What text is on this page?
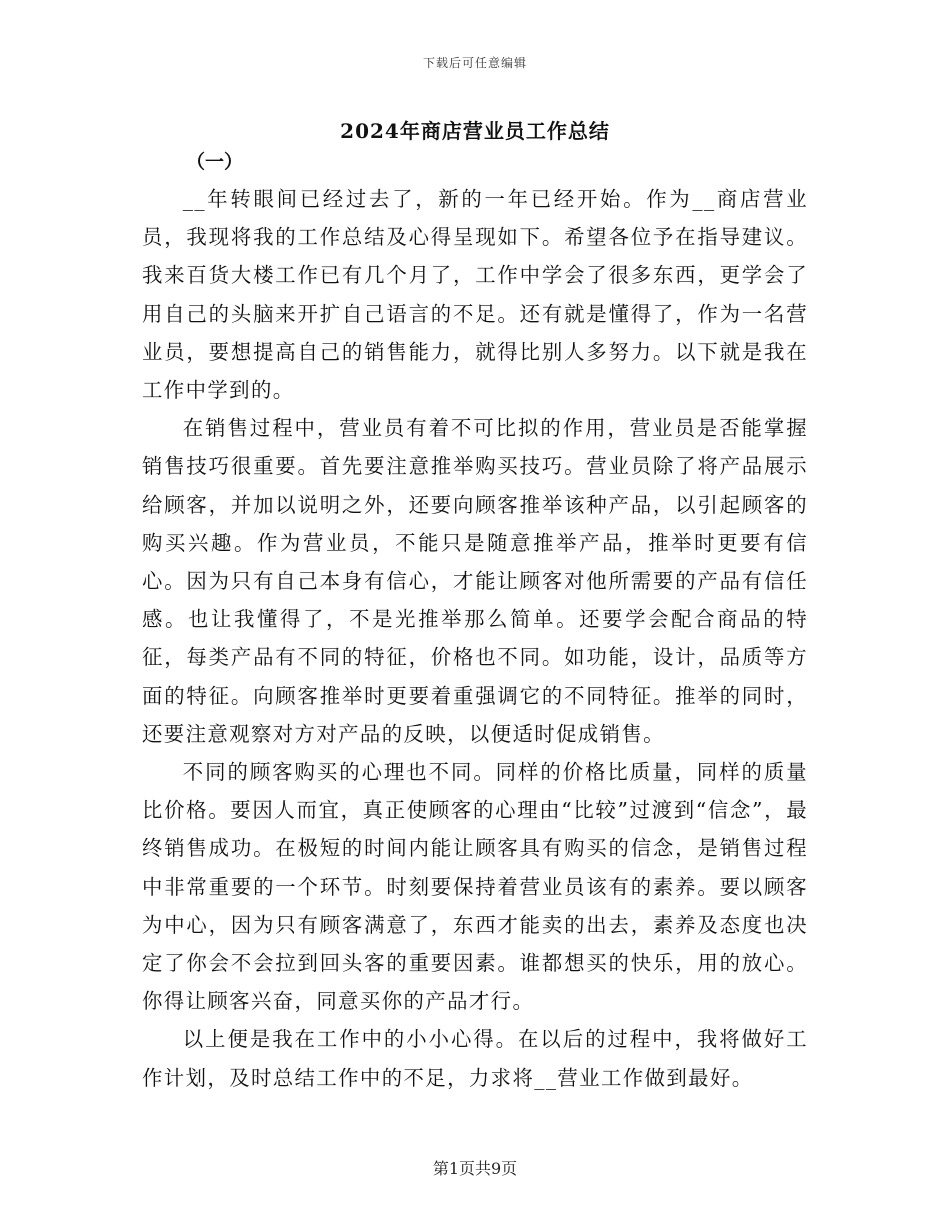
下载后可任意编辑
2024年商店营业员工作总结
（一）

__年转眼间已经过去了，新的一年已经开始。作为__商店营业员，我现将我的工作总结及心得呈现如下。希望各位予在指导建议。我来百货大楼工作已有几个月了，工作中学会了很多东西，更学会了用自己的头脑来开扩自己语言的不足。还有就是懂得了，作为一名营业员，要想提高自己的销售能力，就得比别人多努力。以下就是我在工作中学到的。

在销售过程中，营业员有着不可比拟的作用，营业员是否能掌握销售技巧很重要。首先要注意推举购买技巧。营业员除了将产品展示给顾客，并加以说明之外，还要向顾客推举该种产品，以引起顾客的购买兴趣。作为营业员，不能只是随意推举产品，推举时更要有信心。因为只有自己本身有信心，才能让顾客对他所需要的产品有信任感。也让我懂得了，不是光推举那么简单。还要学会配合商品的特征，每类产品有不同的特征，价格也不同。如功能，设计，品质等方面的特征。向顾客推举时更要着重强调它的不同特征。推举的同时，还要注意观察对方对产品的反映，以便适时促成销售。

不同的顾客购买的心理也不同。同样的价格比质量，同样的质量比价格。要因人而宜，真正使顾客的心理由“比较”过渡到“信念”，最终销售成功。在极短的时间内能让顾客具有购买的信念，是销售过程中非常重要的一个环节。时刻要保持着营业员该有的素养。要以顾客为中心，因为只有顾客满意了，东西才能卖的出去，素养及态度也决定了你会不会拉到回头客的重要因素。谁都想买的快乐，用的放心。你得让顾客兴奋，同意买你的产品才行。

以上便是我在工作中的小小心得。在以后的过程中，我将做好工作计划，及时总结工作中的不足，力求将__营业工作做到最好。

第1页共9页
